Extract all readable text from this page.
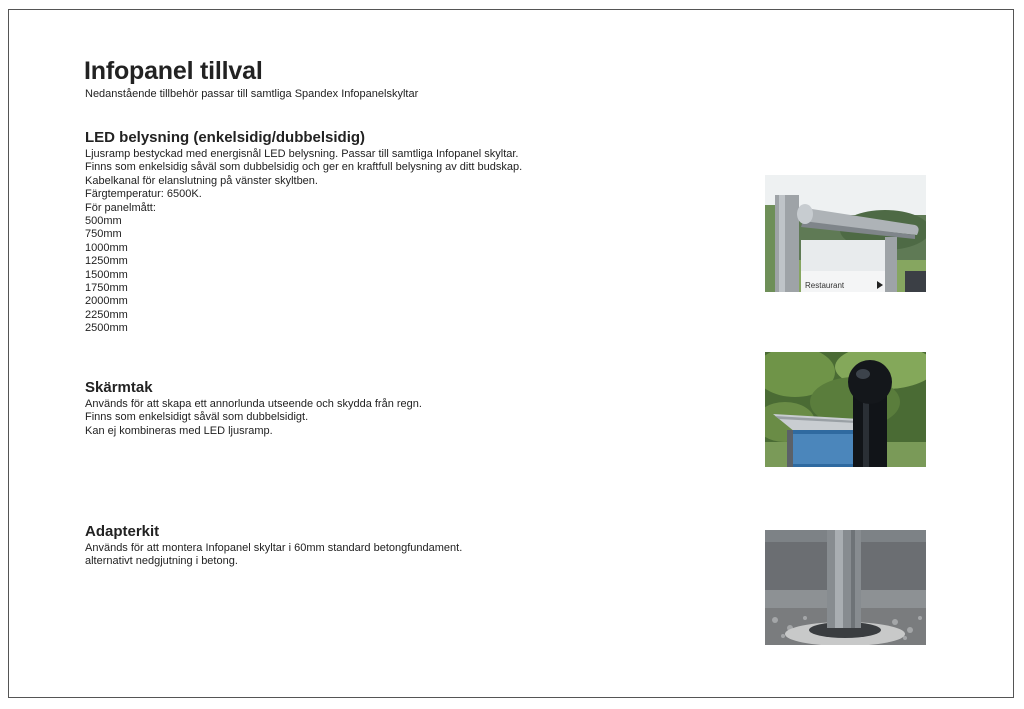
Infopanel tillval

Nedanstående tillbehör passar till samtliga Spandex Infopanelskyltar

LED belysning (enkelsidig/dubbelsidig)
Ljusramp bestyckad med energisnål LED belysning. Passar till samtliga Infopanel skyltar.
Finns som enkelsidig såväl som dubbelsidig och ger en kraftfull belysning av ditt budskap.
Kabelkanal för elanslutning på vänster skyltben.
Färgtemperatur: 6500K.
För panelmått:
500mm
750mm
1000mm
1250mm
1500mm
1750mm
2000mm
2250mm
2500mm
Skärmtak
Används för att skapa ett annorlunda utseende och skydda från regn.
Finns som enkelsidigt såväl som dubbelsidigt.
Kan ej kombineras med LED ljusramp.
Adapterkit
Används för att montera Infopanel skyltar i 60mm standard betongfundament.
alternativt nedgjutning i betong.
Restaurant
